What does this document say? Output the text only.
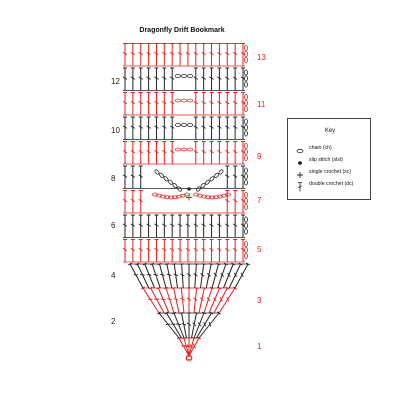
Dragonfly Drift Bookmark
12
10
8
6
4
2
13
11
9
7
5
3
1
Key
chain (ch)
slip stitch (slst)
single crochet (sc)
double crochet (dc)
